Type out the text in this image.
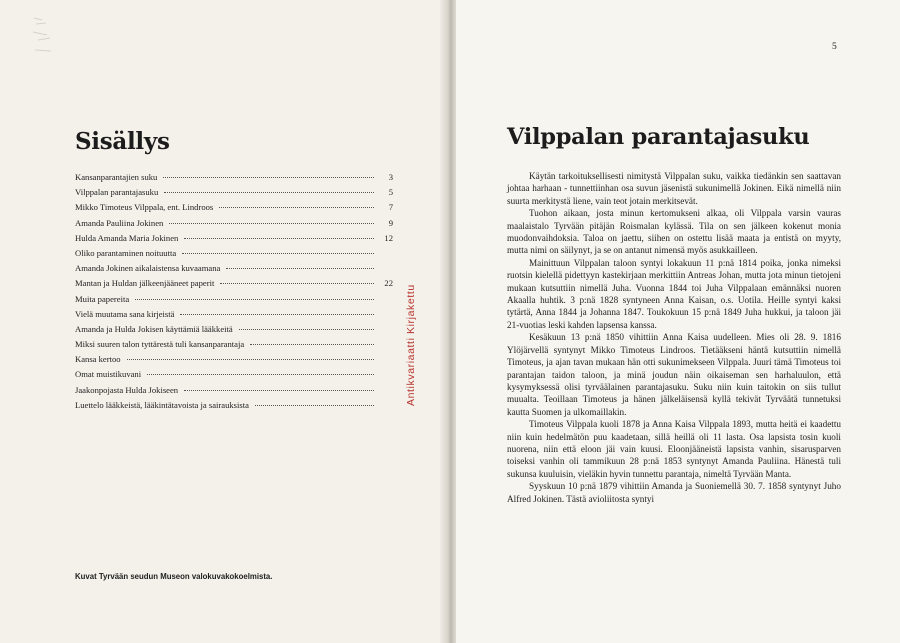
Sisällys
Kansanparantajien suku	3
Vilppalan parantajasuku	5
Mikko Timoteus Vilppala, ent. Lindroos	7
Amanda Pauliina Jokinen	9
Hulda Amanda Maria Jokinen	12
Oliko parantaminen noituutta
Amanda Jokinen aikalaistensa kuvaamana
Mantan ja Huldan jälkeenjääneet paperit	22
Muita papereita
Vielä muutama sana kirjeistä
Amanda ja Hulda Jokisen käyttämiä lääkkeitä
Miksi suuren talon tyttärestä tuli kansanparantaja
Kansa kertoo
Omat muistikuvani
Jaakonpojasta Hulda Jokiseen
Luettelo lääkkeistä, lääkintätavoista ja sairauksista	Antikvariaatti Kirjakettu
Kuvat Tyrvään seudun Museon valokuvakokoelmista.
5
Vilppalan parantajasuku

Käytän tarkoituksellisesti nimitystä Vilppalan suku, vaikka tiedänkin sen saattavan johtaa harhaan - tunnettiinhan osa suvun jäsenistä sukunimellä Jokinen. Eikä nimellä niin suurta merkitystä liene, vain teot jotain merkitsevät.

Tuohon aikaan, josta minun kertomukseni alkaa, oli Vilppala varsin vauras maalaistalo Tyrvään pitäjän Roismalan kylässä. Tila on sen jälkeen kokenut monia muodonvaihdoksia. Taloa on jaettu, siihen on ostettu lisää maata ja entistä on myyty, mutta nimi on säilynyt, ja se on antanut nimensä myös asukkailleen.

Mainittuun Vilppalan taloon syntyi lokakuun 11 p:nä 1814 poika, jonka nimeksi ruotsin kielellä pidettyyn kastekirjaan merkittiin Antreas Johan, mutta jota minun tietojeni mukaan kutsuttiin nimellä Juha. Vuonna 1844 toi Juha Vilppalaan emännäksi nuoren Akaalla huhtik. 3 p:nä 1828 syntyneen Anna Kaisan, o.s. Uotila. Heille syntyi kaksi tytärtä, Anna 1844 ja Johanna 1847. Toukokuun 15 p:nä 1849 Juha hukkui, ja taloon jäi 21-vuotias leski kahden lapsensa kanssa.

Kesäkuun 13 p:nä 1850 vihittiin Anna Kaisa uudelleen. Mies oli 28. 9. 1816 Ylöjärvellä syntynyt Mikko Timoteus Lindroos. Tietääkseni häntä kutsuttiin nimellä Timoteus, ja ajan tavan mukaan hän otti sukunimekseen Vilppala. Juuri tämä Timoteus toi parantajan taidon taloon, ja minä joudun näin oikaiseman sen harhaluulon, että kysymyksessä olisi tyrväälainen parantajasuku. Suku niin kuin taitokin on siis tullut muualta. Teoillaan Timoteus ja hänen jälkeläisensä kyllä tekivät Tyrväätä tunnetuksi kautta Suomen ja ulkomaillakin.

Timoteus Vilppala kuoli 1878 ja Anna Kaisa Vilppala 1893, mutta heitä ei kaadettu niin kuin hedelmätön puu kaadetaan, sillä heillä oli 11 lasta. Osa lapsista tosin kuoli nuorena, niin että eloon jäi vain kuusi. Eloonjääneistä lapsista vanhin, sisarusparven toiseksi vanhin oli tammikuun 28 p:nä 1853 syntynyt Amanda Pauliina. Hänestä tuli sukunsa kuuluisin, vieläkin hyvin tunnettu parantaja, nimeltä Tyrvään Manta.

Syyskuun 10 p:nä 1879 vihittiin Amanda ja Suoniemellä 30. 7. 1858 syntynyt Juho Alfred Jokinen. Tästä avioliitosta syntyi
